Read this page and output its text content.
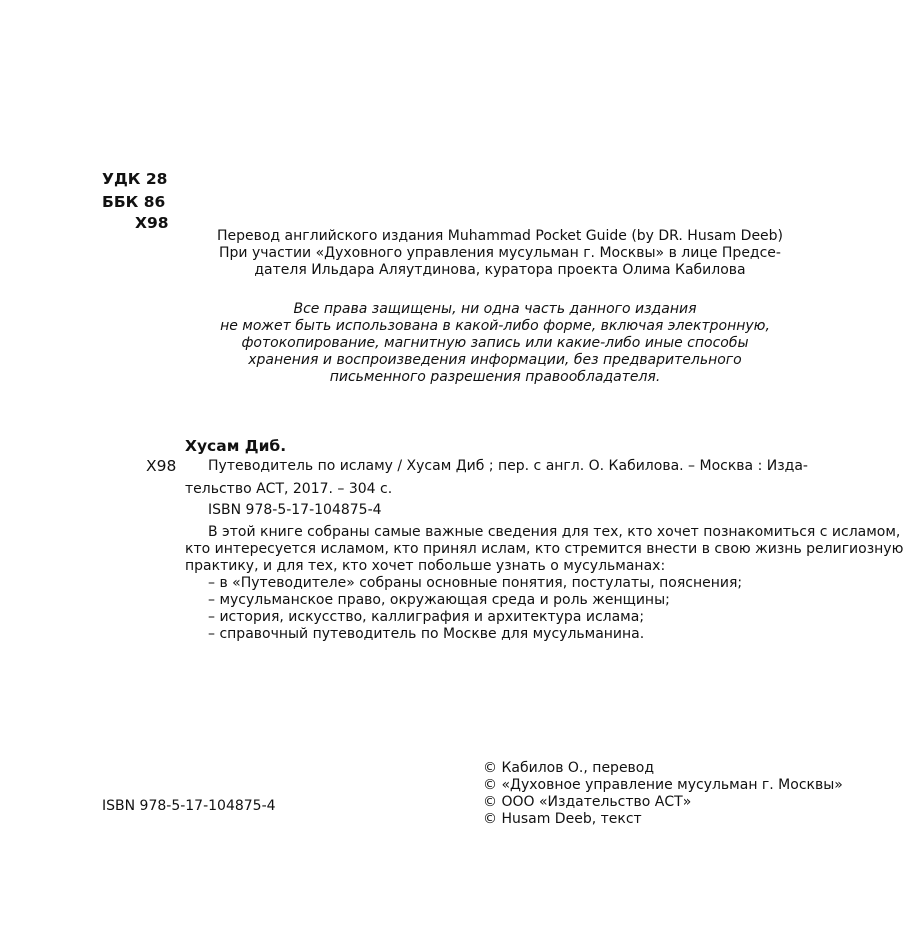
УДК 28
ББК 86
Х98
Перевод английского издания Muhammad Pocket Guide (by DR. Husam Deeb)
При участии «Духовного управления мусульман г. Москвы» в лице Предсе-
дателя Ильдара Аляутдинова, куратора проекта Олима Кабилова
Все права защищены, ни одна часть данного издания
не может быть использована в какой-либо форме, включая электронную,
фотокопирование, магнитную запись или какие-либо иные способы
хранения и воспроизведения информации, без предварительного
письменного разрешения правообладателя.
Хусам Диб.
Х98 Путеводитель по исламу / Хусам Диб ; пер. с англ. О. Кабилова. – Москва : Изда-
тельство АСТ, 2017. – 304 с.
ISBN 978-5-17-104875-4
В этой книге собраны самые важные сведения для тех, кто хочет познакомиться с исламом,
кто интересуется исламом, кто принял ислам, кто стремится внести в свою жизнь религиозную
практику, и для тех, кто хочет побольше узнать о мусульманах:
– в «Путеводителе» собраны основные понятия, постулаты, пояснения;
– мусульманское право, окружающая среда и роль женщины;
– история, искусство, каллиграфия и архитектура ислама;
– справочный путеводитель по Москве для мусульманина.
ISBN 978-5-17-104875-4
© Кабилов О., перевод
© «Духовное управление мусульман г. Москвы»
© ООО «Издательство АСТ»
© Husam Deeb, текст
